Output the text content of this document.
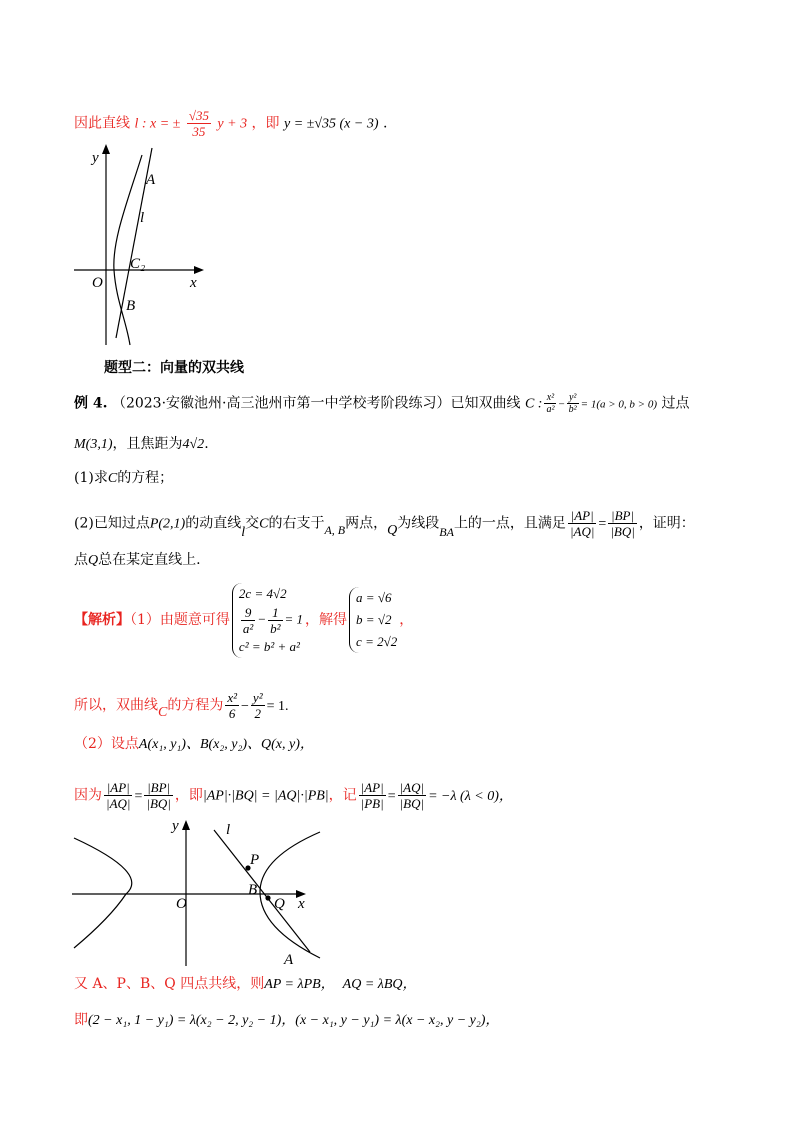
因此直线 l : x = ± $\frac{√35}{35}$ y + 3 ，即 y = ±√35 (x − 3) .
y
A
l
C₂
O	x
B
题型二：向量的双共线
例 4. （2023·安徽池州·高三池州市第一中学校考阶段练习）已知双曲线 C : $\frac{\text{x²}}{\text{a²}} - \frac{\text{y²}}{\text{b²}} = 1(a > 0$, b > 0) 过点
M(3,1)，且焦距为4√2.
(1)求C的方程；
(2)已知过点P(2,1)的动直线l交C的右支于A, B两点，Q为线段BA上的一点，且满足 $\frac{|AP|}{|AQ|} = \frac{|BP|}{|BQ|}$ ，证明：
点Q总在某定直线上.
【解析】（1）由题意可得
2c = 4√2
$\frac{9}{\text{a²}} - \frac{1}{\text{b²}} = 1$
c² = b² + a²
，解得
a = √6
b = √2
c = 2√2
，
所以，双曲线C的方程为 $\frac{\text{x²}}{6} - \frac{\text{y²}}{2} = 1$.
（2）设点A(x₁, y₁)、B(x₂, y₂)、Q(x, y)，
因为 $\frac{|AP|}{|AQ|} = \frac{|BP|}{|BQ|}$ ，即|AP|·|BQ| = |AQ|·|PB|，记 $\frac{|AP|}{|PB|} = \frac{|AQ|}{|BQ|} = -\lambda$ (λ < 0)，
y	l
P
B
O	Q x
A
又 A、P、B、Q 四点共线，则AP = λPB， AQ = λBQ，
即(2 − x₁, 1 − y₁) = λ(x₂ − 2, y₂ − 1)，(x − x₁, y − y₁) = λ(x − x₂, y − y₂)，
